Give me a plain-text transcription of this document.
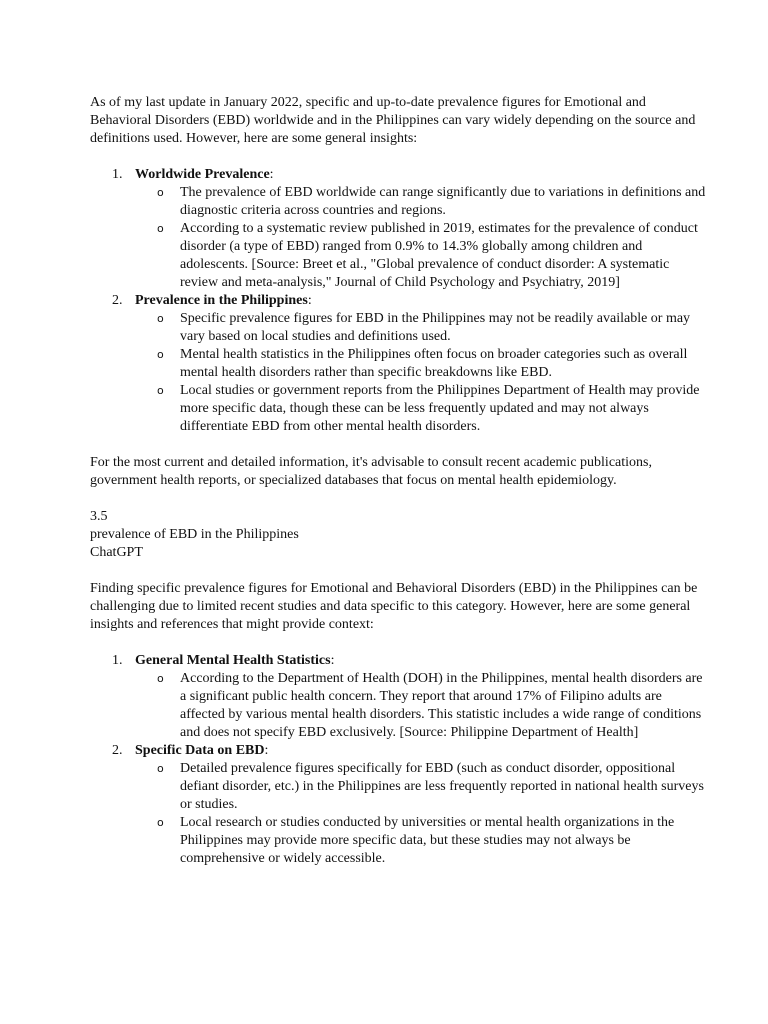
As of my last update in January 2022, specific and up-to-date prevalence figures for Emotional and Behavioral Disorders (EBD) worldwide and in the Philippines can vary widely depending on the source and definitions used. However, here are some general insights:

1. Worldwide Prevalence:
o The prevalence of EBD worldwide can range significantly due to variations in definitions and diagnostic criteria across countries and regions.
o According to a systematic review published in 2019, estimates for the prevalence of conduct disorder (a type of EBD) ranged from 0.9% to 14.3% globally among children and adolescents. [Source: Breet et al., "Global prevalence of conduct disorder: A systematic review and meta-analysis," Journal of Child Psychology and Psychiatry, 2019]
2. Prevalence in the Philippines:
o Specific prevalence figures for EBD in the Philippines may not be readily available or may vary based on local studies and definitions used.
o Mental health statistics in the Philippines often focus on broader categories such as overall mental health disorders rather than specific breakdowns like EBD.
o Local studies or government reports from the Philippines Department of Health may provide more specific data, though these can be less frequently updated and may not always differentiate EBD from other mental health disorders.

For the most current and detailed information, it's advisable to consult recent academic publications, government health reports, or specialized databases that focus on mental health epidemiology.

3.5
prevalence of EBD in the Philippines
ChatGPT

Finding specific prevalence figures for Emotional and Behavioral Disorders (EBD) in the Philippines can be challenging due to limited recent studies and data specific to this category. However, here are some general insights and references that might provide context:

1. General Mental Health Statistics:
o According to the Department of Health (DOH) in the Philippines, mental health disorders are a significant public health concern. They report that around 17% of Filipino adults are affected by various mental health disorders. This statistic includes a wide range of conditions and does not specify EBD exclusively. [Source: Philippine Department of Health]
2. Specific Data on EBD:
o Detailed prevalence figures specifically for EBD (such as conduct disorder, oppositional defiant disorder, etc.) in the Philippines are less frequently reported in national health surveys or studies.
o Local research or studies conducted by universities or mental health organizations in the Philippines may provide more specific data, but these studies may not always be comprehensive or widely accessible.
